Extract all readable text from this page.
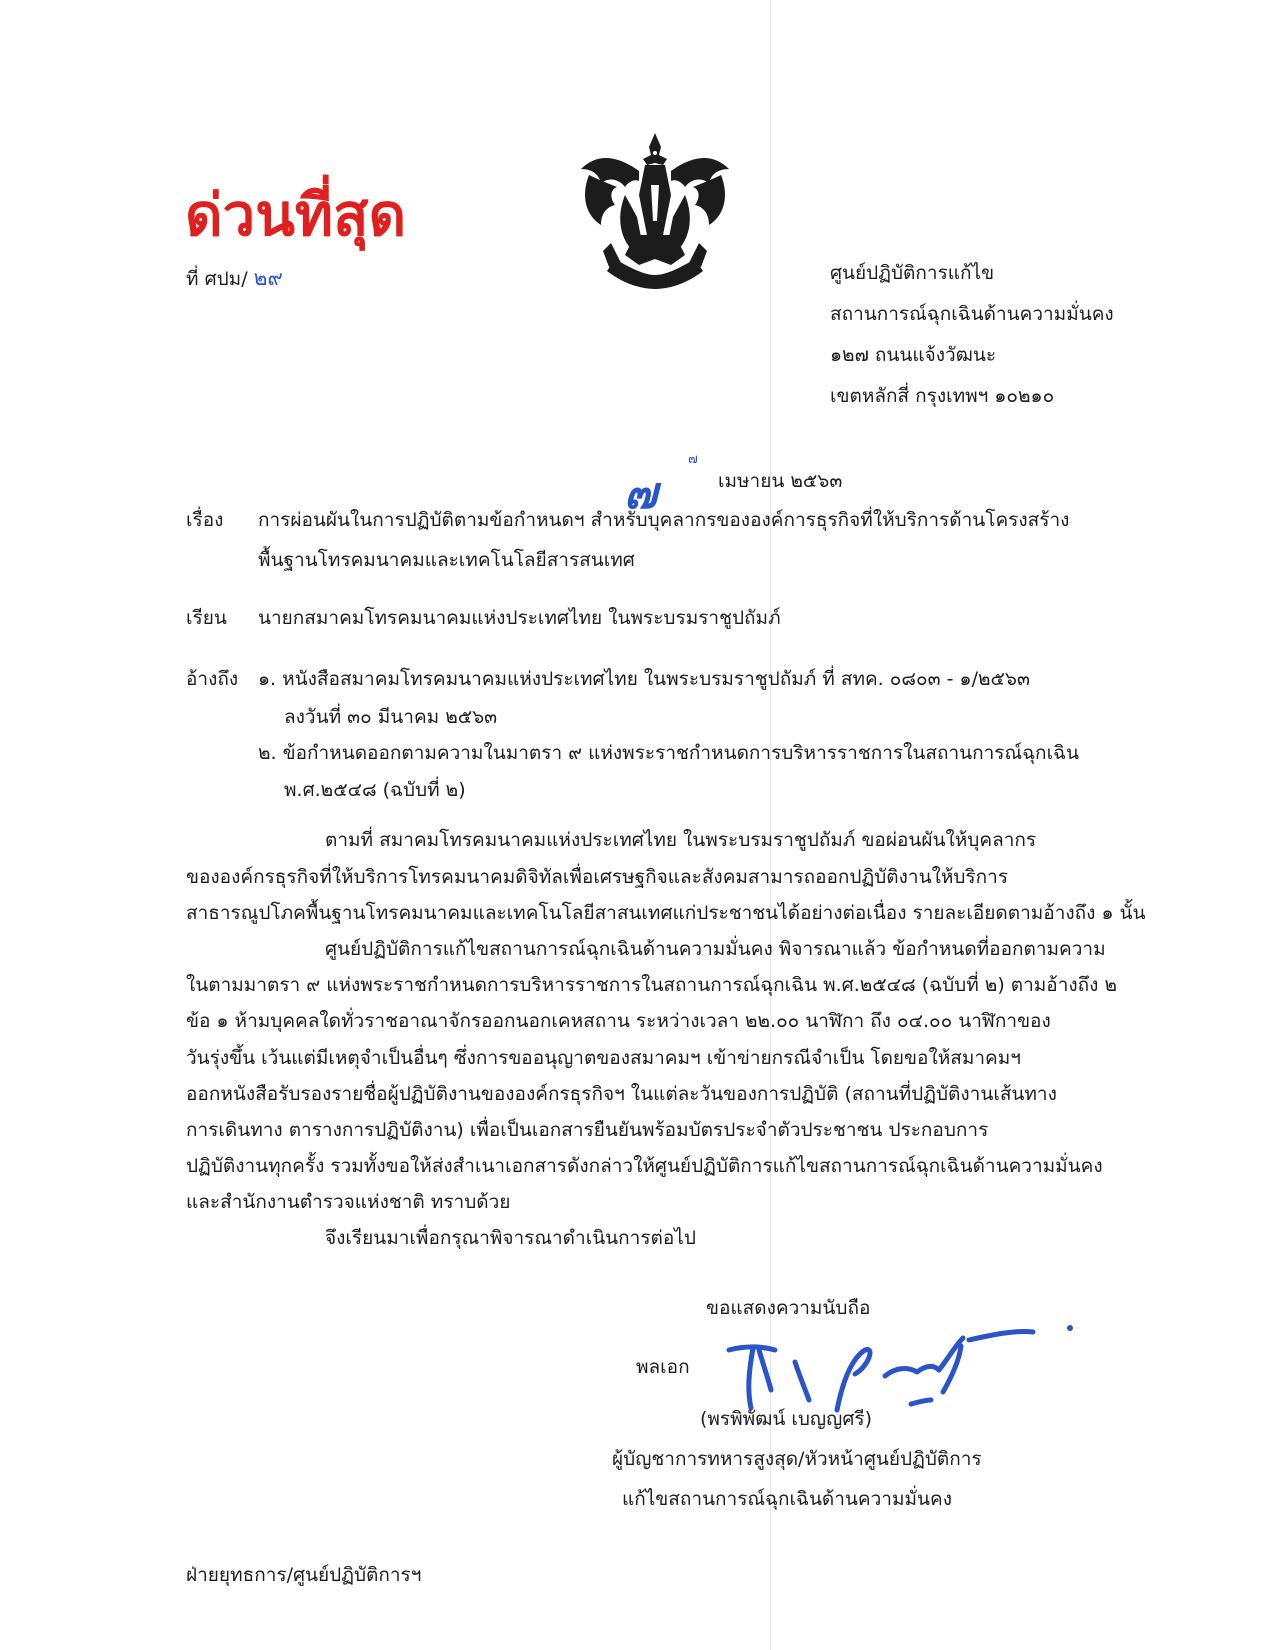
ด่วนที่สุด
ที่ ศปม/ ๒๙	ศูนย์ปฏิบัติการแก้ไข
สถานการณ์ฉุกเฉินด้านความมั่นคง
๑๒๗ ถนนแจ้งวัฒนะ
เขตหลักสี่ กรุงเทพฯ ๑๐๒๑๐
๗
๗
เมษายน ๒๕๖๓
เรื่อง การผ่อนผันในการปฏิบัติตามข้อกำหนดฯ สำหรับบุคลากรขององค์การธุรกิจที่ให้บริการด้านโครงสร้าง
พื้นฐานโทรคมนาคมและเทคโนโลยีสารสนเทศ
เรียน นายกสมาคมโทรคมนาคมแห่งประเทศไทย ในพระบรมราชูปถัมภ์
อ้างถึง ๑. หนังสือสมาคมโทรคมนาคมแห่งประเทศไทย ในพระบรมราชูปถัมภ์ ที่ สทค. ๐๘๐๓ - ๑/๒๕๖๓
ลงวันที่ ๓๐ มีนาคม ๒๕๖๓
๒. ข้อกำหนดออกตามความในมาตรา ๙ แห่งพระราชกำหนดการบริหารราชการในสถานการณ์ฉุกเฉิน
พ.ศ.๒๕๔๘ (ฉบับที่ ๒)
ตามที่ สมาคมโทรคมนาคมแห่งประเทศไทย ในพระบรมราชูปถัมภ์ ขอผ่อนผันให้บุคลากร
ขององค์กรธุรกิจที่ให้บริการโทรคมนาคมดิจิทัลเพื่อเศรษฐกิจและสังคมสามารถออกปฏิบัติงานให้บริการ
สาธารณูปโภคพื้นฐานโทรคมนาคมและเทคโนโลยีสาสนเทศแก่ประชาชนได้อย่างต่อเนื่อง รายละเอียดตามอ้างถึง ๑ นั้น
ศูนย์ปฏิบัติการแก้ไขสถานการณ์ฉุกเฉินด้านความมั่นคง พิจารณาแล้ว ข้อกำหนดที่ออกตามความ
ในตามมาตรา ๙ แห่งพระราชกำหนดการบริหารราชการในสถานการณ์ฉุกเฉิน พ.ศ.๒๕๔๘ (ฉบับที่ ๒) ตามอ้างถึง ๒
ข้อ ๑ ห้ามบุคคลใดทั่วราชอาณาจักรออกนอกเคหสถาน ระหว่างเวลา ๒๒.๐๐ นาฬิกา ถึง ๐๔.๐๐ นาฬิกาของ
วันรุ่งขึ้น เว้นแต่มีเหตุจำเป็นอื่นๆ ซึ่งการขออนุญาตของสมาคมฯ เข้าข่ายกรณีจำเป็น โดยขอให้สมาคมฯ
ออกหนังสือรับรองรายชื่อผู้ปฏิบัติงานขององค์กรธุรกิจฯ ในแต่ละวันของการปฏิบัติ (สถานที่ปฏิบัติงานเส้นทาง
การเดินทาง ตารางการปฏิบัติงาน) เพื่อเป็นเอกสารยืนยันพร้อมบัตรประจำตัวประชาชน ประกอบการ
ปฏิบัติงานทุกครั้ง รวมทั้งขอให้ส่งสำเนาเอกสารดังกล่าวให้ศูนย์ปฏิบัติการแก้ไขสถานการณ์ฉุกเฉินด้านความมั่นคง
และสำนักงานตำรวจแห่งชาติ ทราบด้วย
จึงเรียนมาเพื่อกรุณาพิจารณาดำเนินการต่อไป
ขอแสดงความนับถือ
พลเอก
(พรพิพัฒน์ เบญญศรี)
ผู้บัญชาการทหารสูงสุด/หัวหน้าศูนย์ปฏิบัติการ
แก้ไขสถานการณ์ฉุกเฉินด้านความมั่นคง
ฝ่ายยุทธการ/ศูนย์ปฏิบัติการฯ
